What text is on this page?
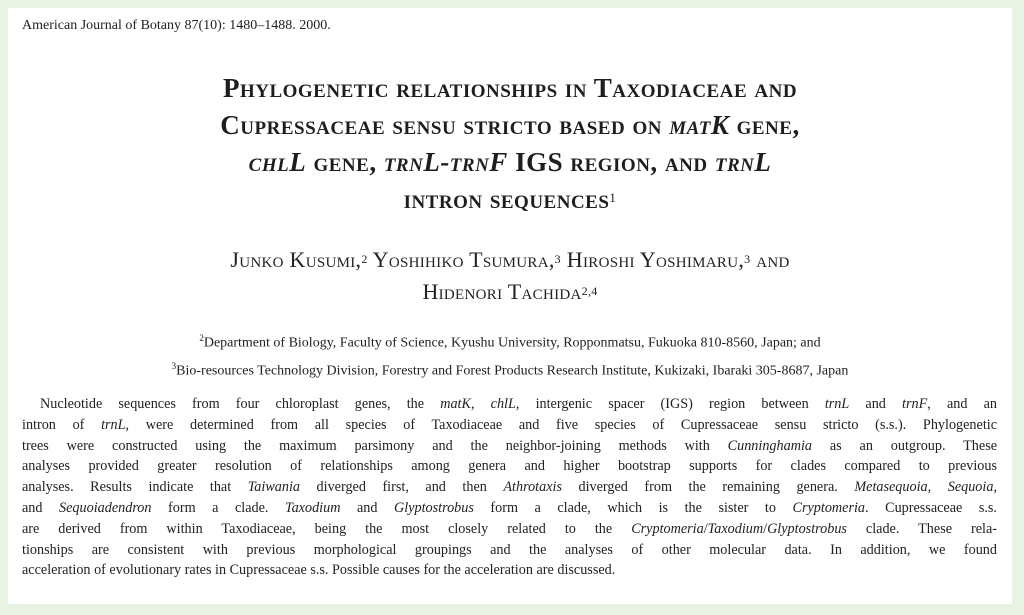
American Journal of Botany 87(10): 1480–1488. 2000.
Phylogenetic relationships in Taxodiaceae and
Cupressaceae sensu stricto based on matK gene,
chlL gene, trnL-trnF IGS region, and trnL
intron sequences$^1$
Junko Kusumi,$^2$ Yoshihiko Tsumura,$^3$ Hiroshi Yoshimaru,$^3$ and
Hidenori Tachida$^{2,4}$
$^2$Department of Biology, Faculty of Science, Kyushu University, Ropponmatsu, Fukuoka 810-8560, Japan; and
$^3$Bio-resources Technology Division, Forestry and Forest Products Research Institute, Kukizaki, Ibaraki 305-8687, Japan
Nucleotide sequences from four chloroplast genes, the matK, chlL, intergenic spacer (IGS) region between trnL and trnF, and an
intron of trnL, were determined from all species of Taxodiaceae and five species of Cupressaceae sensu stricto (s.s.). Phylogenetic
trees were constructed using the maximum parsimony and the neighbor-joining methods with Cunninghamia as an outgroup. These
analyses provided greater resolution of relationships among genera and higher bootstrap supports for clades compared to previous
analyses. Results indicate that Taiwania diverged first, and then Athrotaxis diverged from the remaining genera. Metasequoia, Sequoia,
and Sequoiadendron form a clade. Taxodium and Glyptostrobus form a clade, which is the sister to Cryptomeria. Cupressaceae s.s.
are derived from within Taxodiaceae, being the most closely related to the Cryptomeria/Taxodium/Glyptostrobus clade. These rela-
tionships are consistent with previous morphological groupings and the analyses of other molecular data. In addition, we found
acceleration of evolutionary rates in Cupressaceae s.s. Possible causes for the acceleration are discussed.
